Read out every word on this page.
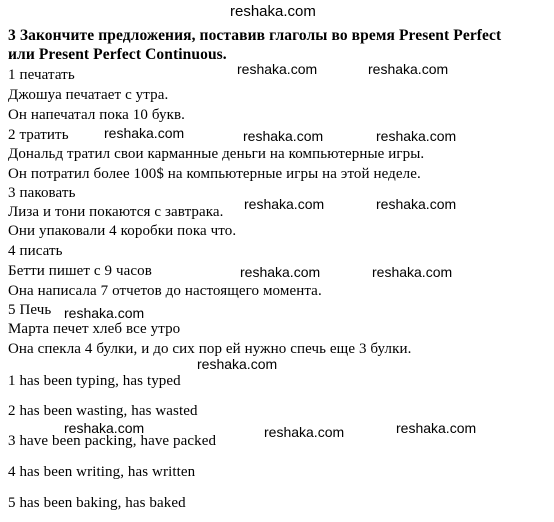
reshaka.com
reshaka.com	reshaka.com
reshaka.com	reshaka.com	reshaka.com
reshaka.com	reshaka.com
reshaka.com	reshaka.com
reshaka.com
reshaka.com
reshaka.com	reshaka.com	reshaka.com
3 Закончите предложения, поставив глаголы во время Present Perfect
или Present Perfect Continuous.
1 печатать
Джошуа печатает с утра.
Он напечатал пока 10 букв.
2 тратить
Дональд тратил свои карманные деньги на компьютерные игры.
Он потратил более 100$ на компьютерные игры на этой неделе.
3 паковать
Лиза и тони покаются с завтрака.
Они упаковали 4 коробки пока что.
4 писать
Бетти пишет с 9 часов
Она написала 7 отчетов до настоящего момента.
5 Печь
Марта печет хлеб все утро
Она спекла 4 булки, и до сих пор ей нужно спечь еще 3 булки.
1 has been typing, has typed
2 has been wasting, has wasted
3 have been packing, have packed
4 has been writing, has written
5 has been baking, has baked
